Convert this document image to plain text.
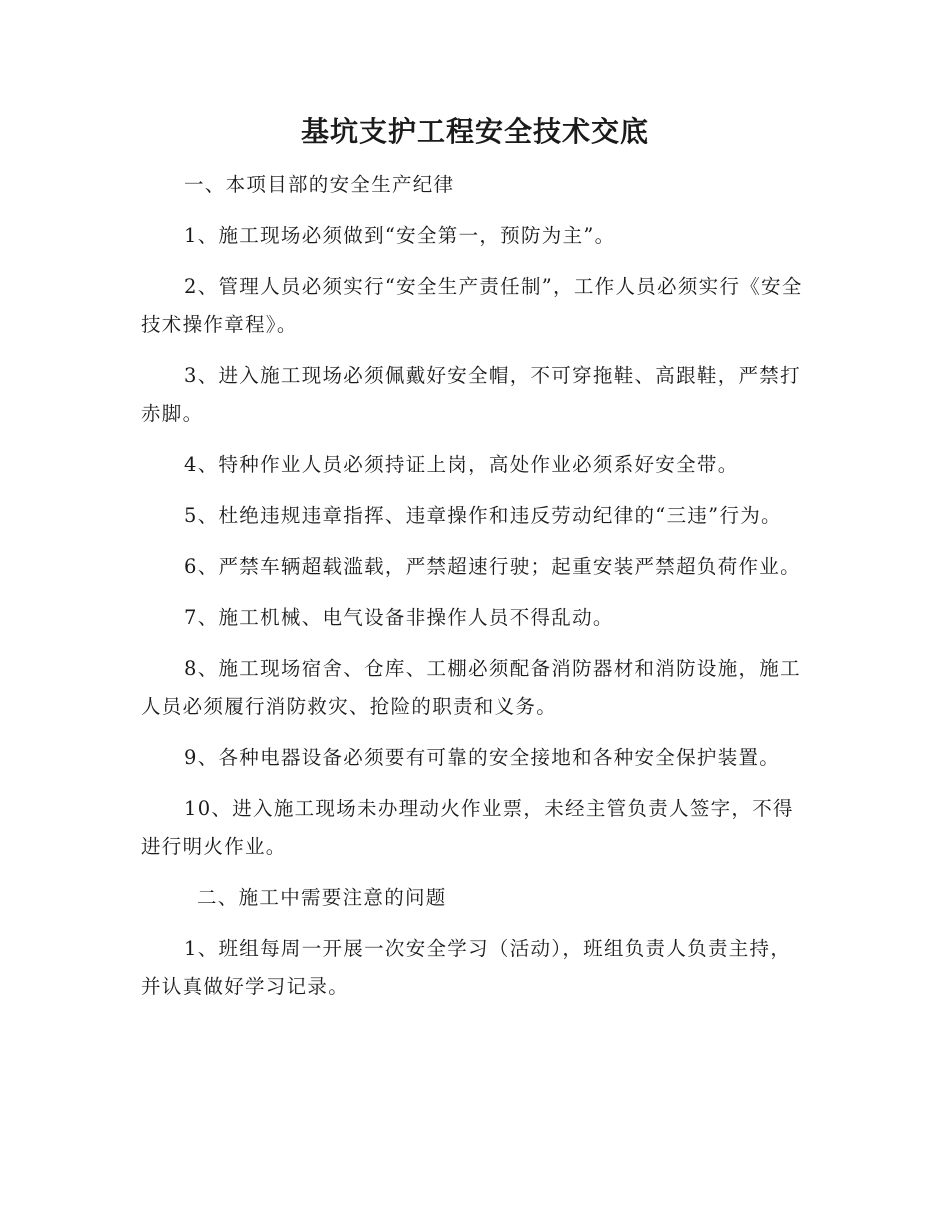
基坑支护工程安全技术交底

一、本项目部的安全生产纪律

1、施工现场必须做到“安全第一，预防为主”。

2、管理人员必须实行“安全生产责任制”，工作人员必须实行《安全技术操作章程》。

3、进入施工现场必须佩戴好安全帽，不可穿拖鞋、高跟鞋，严禁打赤脚。

4、特种作业人员必须持证上岗，高处作业必须系好安全带。

5、杜绝违规违章指挥、违章操作和违反劳动纪律的“三违”行为。

6、严禁车辆超载滥载，严禁超速行驶；起重安装严禁超负荷作业。

7、施工机械、电气设备非操作人员不得乱动。

8、施工现场宿舍、仓库、工棚必须配备消防器材和消防设施，施工人员必须履行消防救灾、抢险的职责和义务。

9、各种电器设备必须要有可靠的安全接地和各种安全保护装置。

10、进入施工现场未办理动火作业票，未经主管负责人签字，不得进行明火作业。

二、施工中需要注意的问题

1、班组每周一开展一次安全学习（活动），班组负责人负责主持，并认真做好学习记录。
